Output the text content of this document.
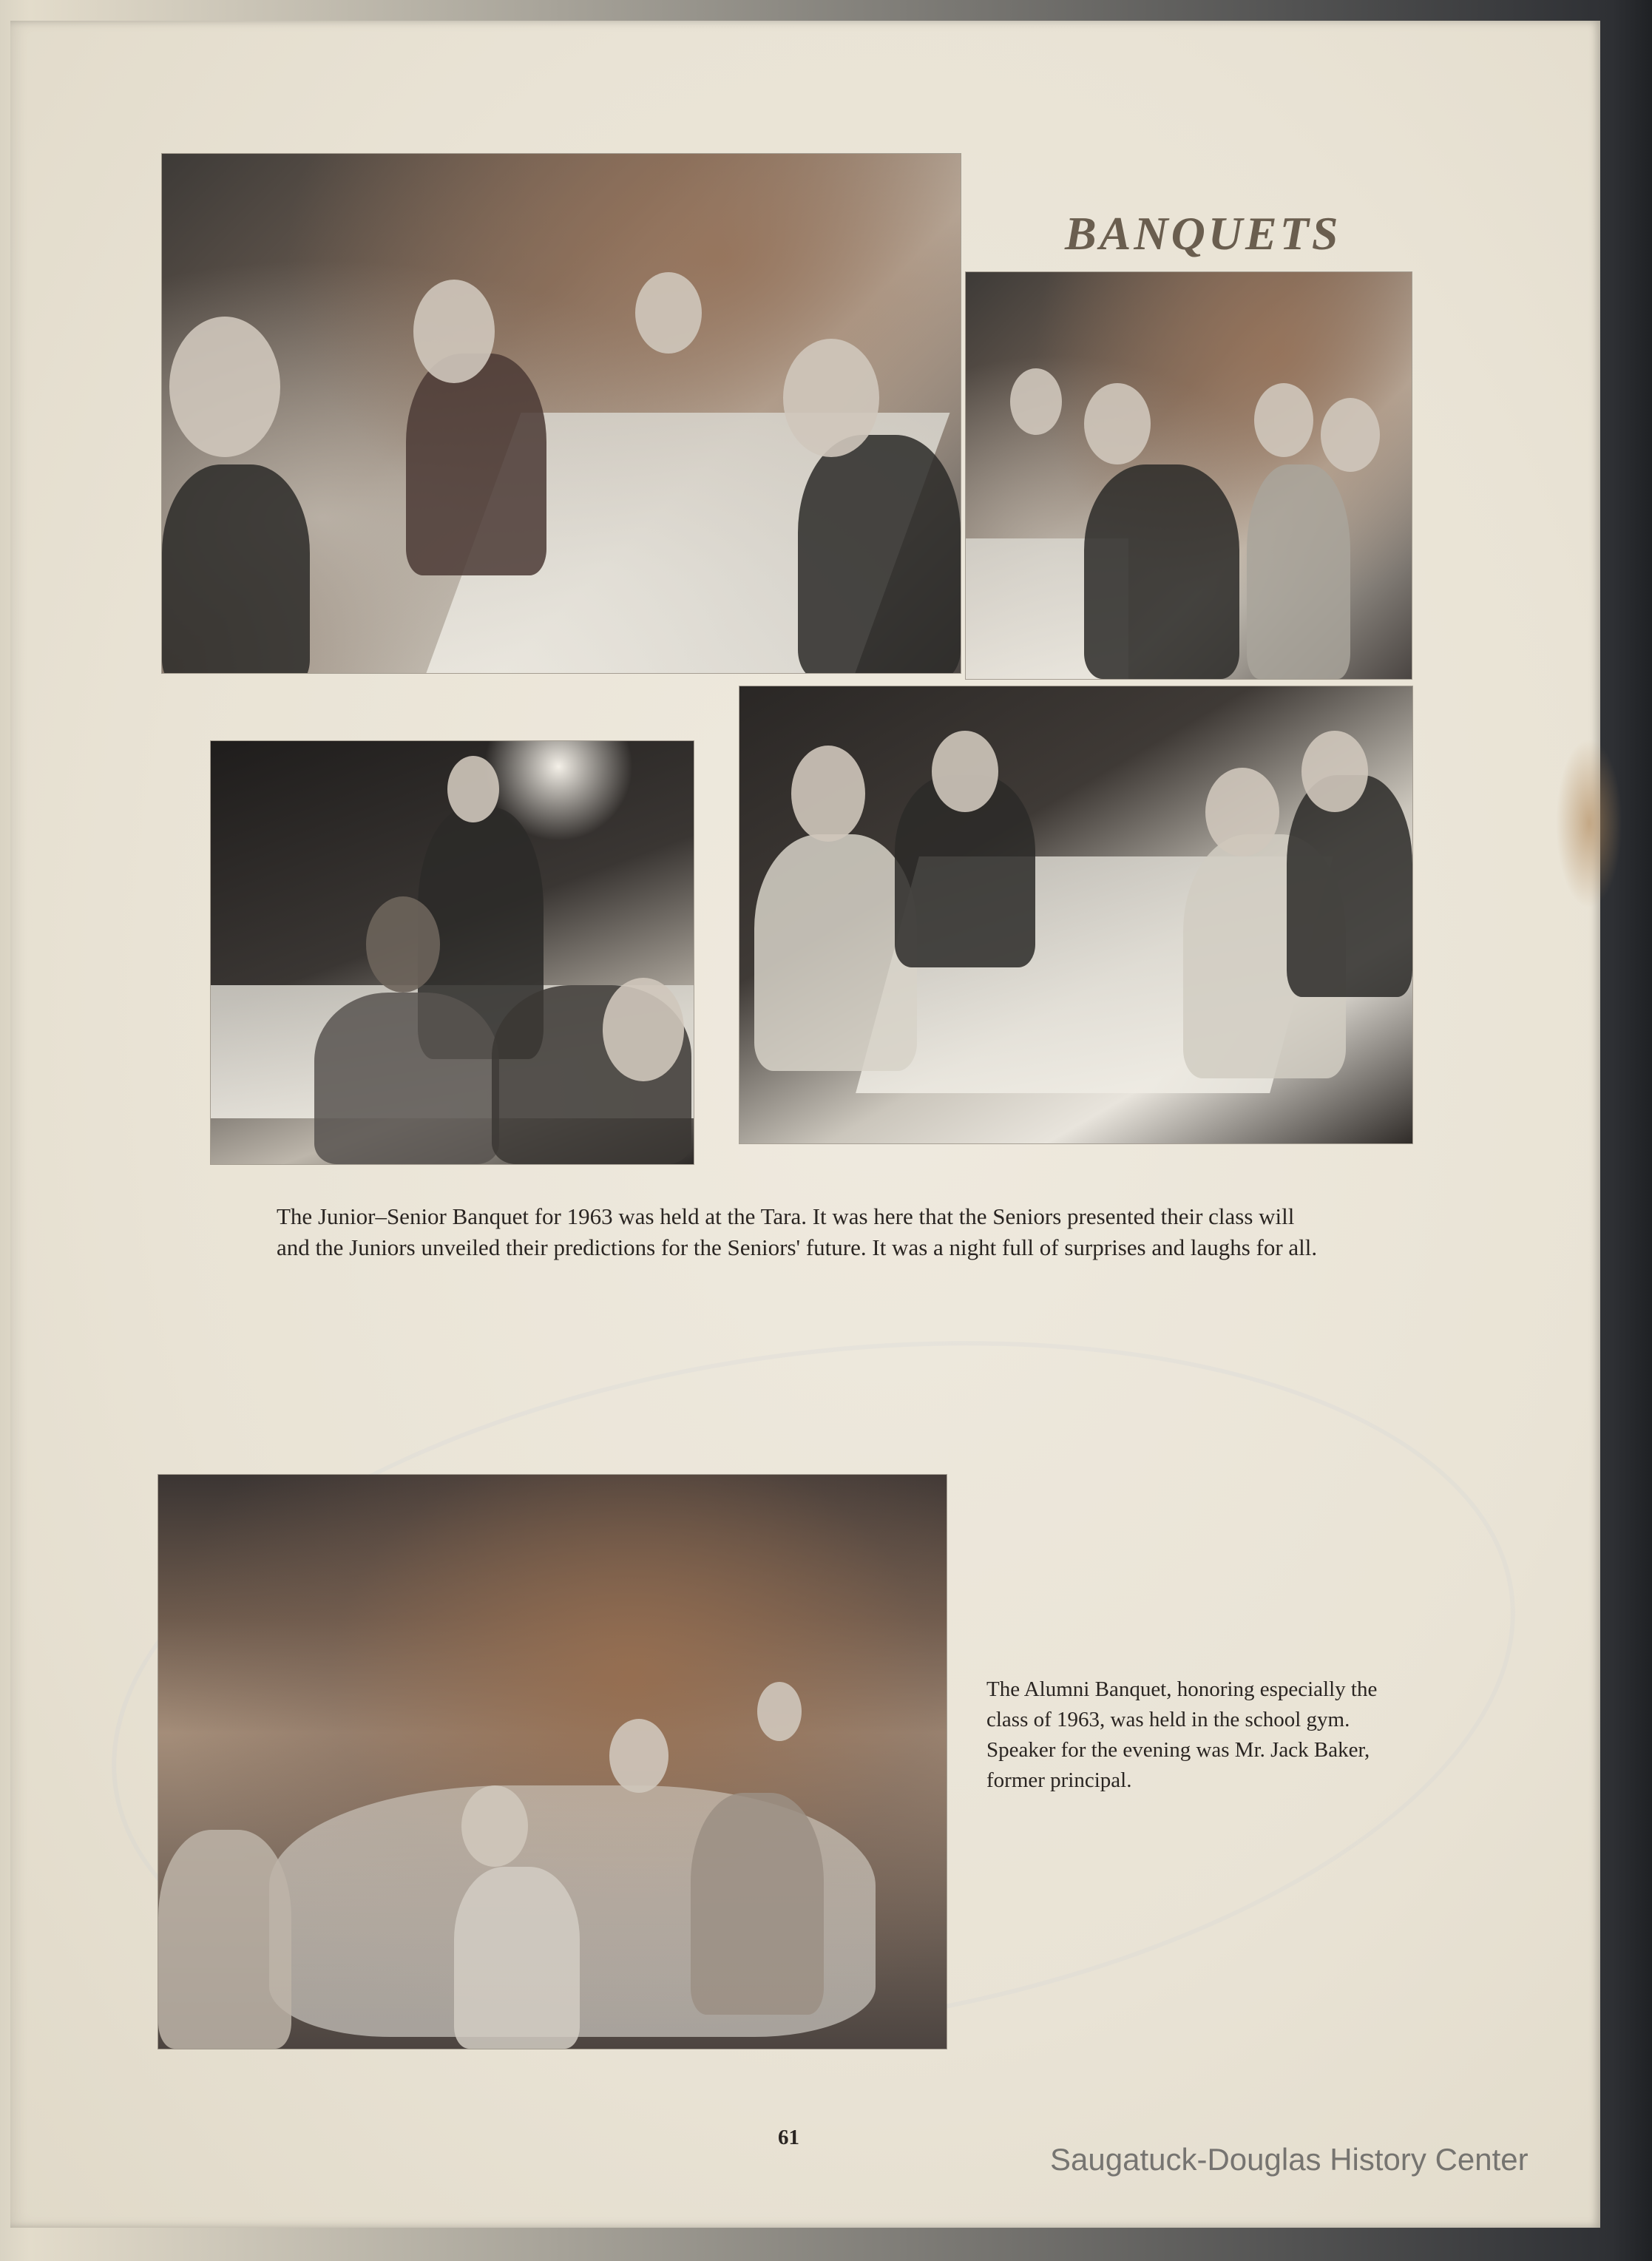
BANQUETS

The Junior–Senior Banquet for 1963 was held at the Tara. It was here that the Seniors presented their class will and the Juniors unveiled their predictions for the Seniors' future. It was a night full of surprises and laughs for all.

The Alumni Banquet, honoring especially the class of 1963, was held in the school gym. Speaker for the evening was Mr. Jack Baker, former principal.

61
Saugatuck-Douglas History Center
